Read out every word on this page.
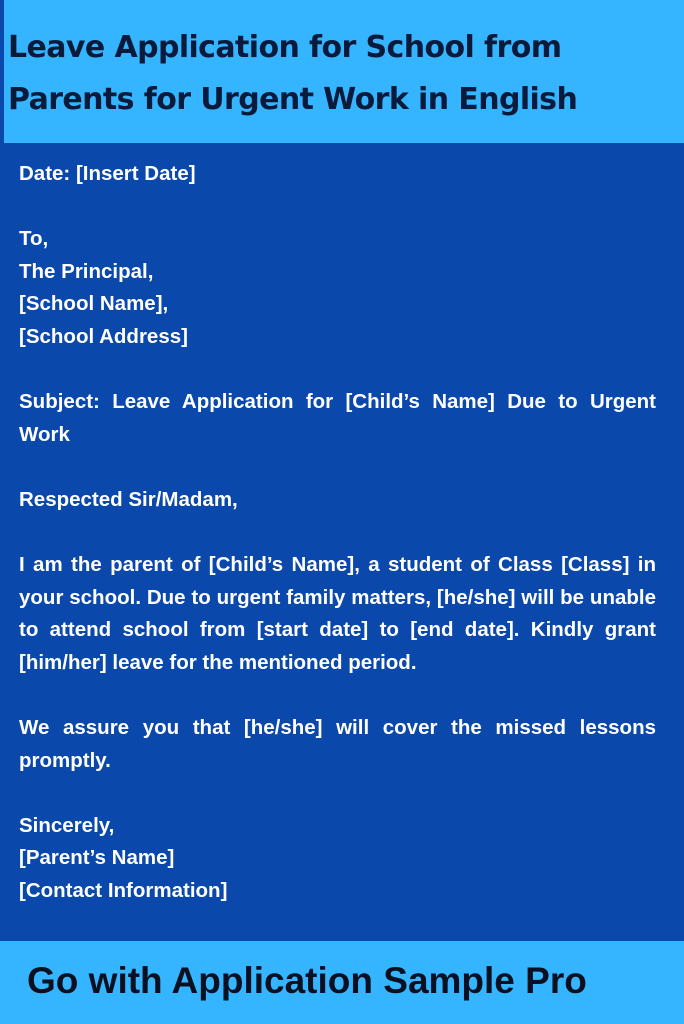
Leave Application for School from Parents for Urgent Work in English

Date: [Insert Date]

To,

The Principal,

[School Name],

[School Address]

Subject: Leave Application for [Child’s Name] Due to Urgent Work

Respected Sir/Madam,

I am the parent of [Child’s Name], a student of Class [Class] in your school. Due to urgent family matters, [he/she] will be unable to attend school from [start date] to [end date]. Kindly grant [him/her] leave for the mentioned period.

We assure you that [he/she] will cover the missed lessons promptly.

Sincerely,

[Parent’s Name]

[Contact Information]

Go with Application Sample Pro
